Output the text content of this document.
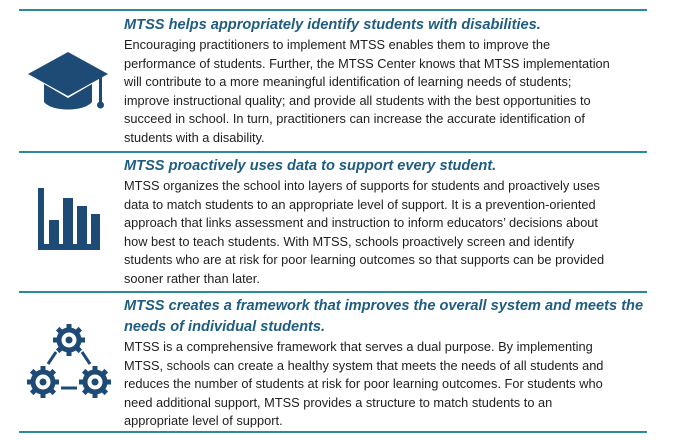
MTSS helps appropriately identify students with disabilities.

Encouraging practitioners to implement MTSS enables them to improve the
performance of students. Further, the MTSS Center knows that MTSS implementation
will contribute to a more meaningful identification of learning needs of students;
improve instructional quality; and provide all students with the best opportunities to
succeed in school. In turn, practitioners can increase the accurate identification of
students with a disability.

MTSS proactively uses data to support every student.

MTSS organizes the school into layers of supports for students and proactively uses
data to match students to an appropriate level of support. It is a prevention-oriented
approach that links assessment and instruction to inform educators’ decisions about
how best to teach students. With MTSS, schools proactively screen and identify
students who are at risk for poor learning outcomes so that supports can be provided
sooner rather than later.

MTSS creates a framework that improves the overall system and meets the
needs of individual students.

MTSS is a comprehensive framework that serves a dual purpose. By implementing
MTSS, schools can create a healthy system that meets the needs of all students and
reduces the number of students at risk for poor learning outcomes. For students who
need additional support, MTSS provides a structure to match students to an
appropriate level of support.
